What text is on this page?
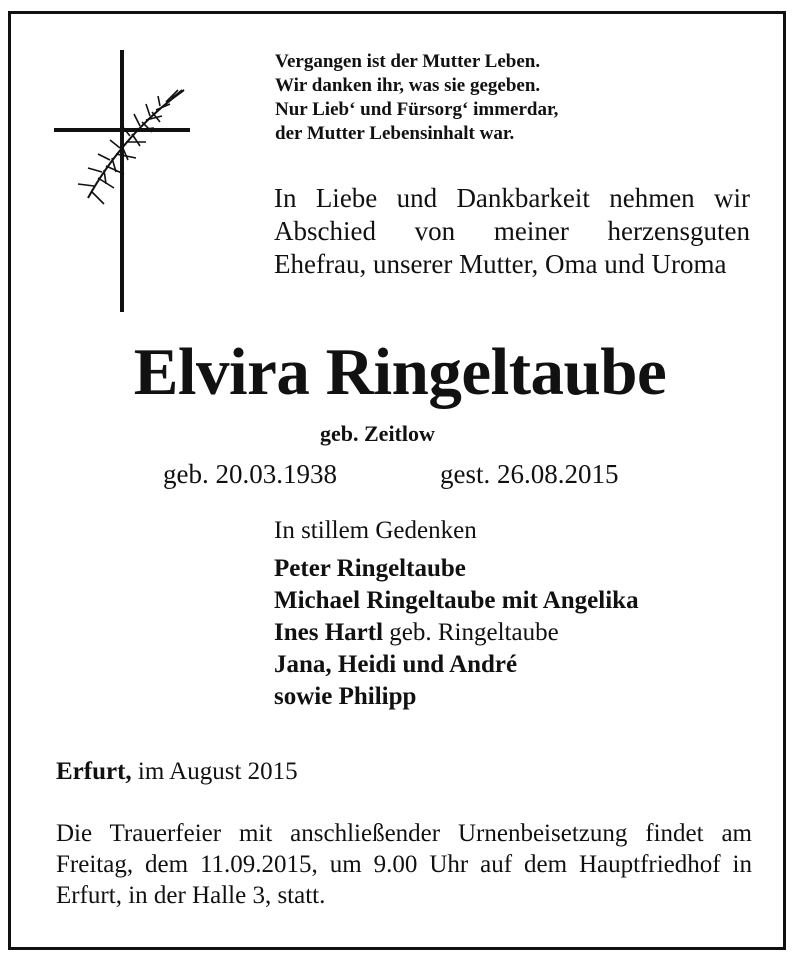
Vergangen ist der Mutter Leben.
Wir danken ihr, was sie gegeben.
Nur Lieb‘ und Fürsorg‘ immerdar,
der Mutter Lebensinhalt war.
In Liebe und Dankbarkeit nehmen wir Abschied von meiner herzensguten Ehefrau, unserer Mutter, Oma und Uroma
Elvira Ringeltaube
geb. Zeitlow
geb. 20.03.1938	gest. 26.08.2015
In stillem Gedenken
Peter Ringeltaube
Michael Ringeltaube mit Angelika
Ines Hartl geb. Ringeltaube
Jana, Heidi und André
sowie Philipp
Erfurt, im August 2015
Die Trauerfeier mit anschließender Urnenbeisetzung findet am Freitag, dem 11.09.2015, um 9.00 Uhr auf dem Hauptfriedhof in Erfurt, in der Halle 3, statt.
